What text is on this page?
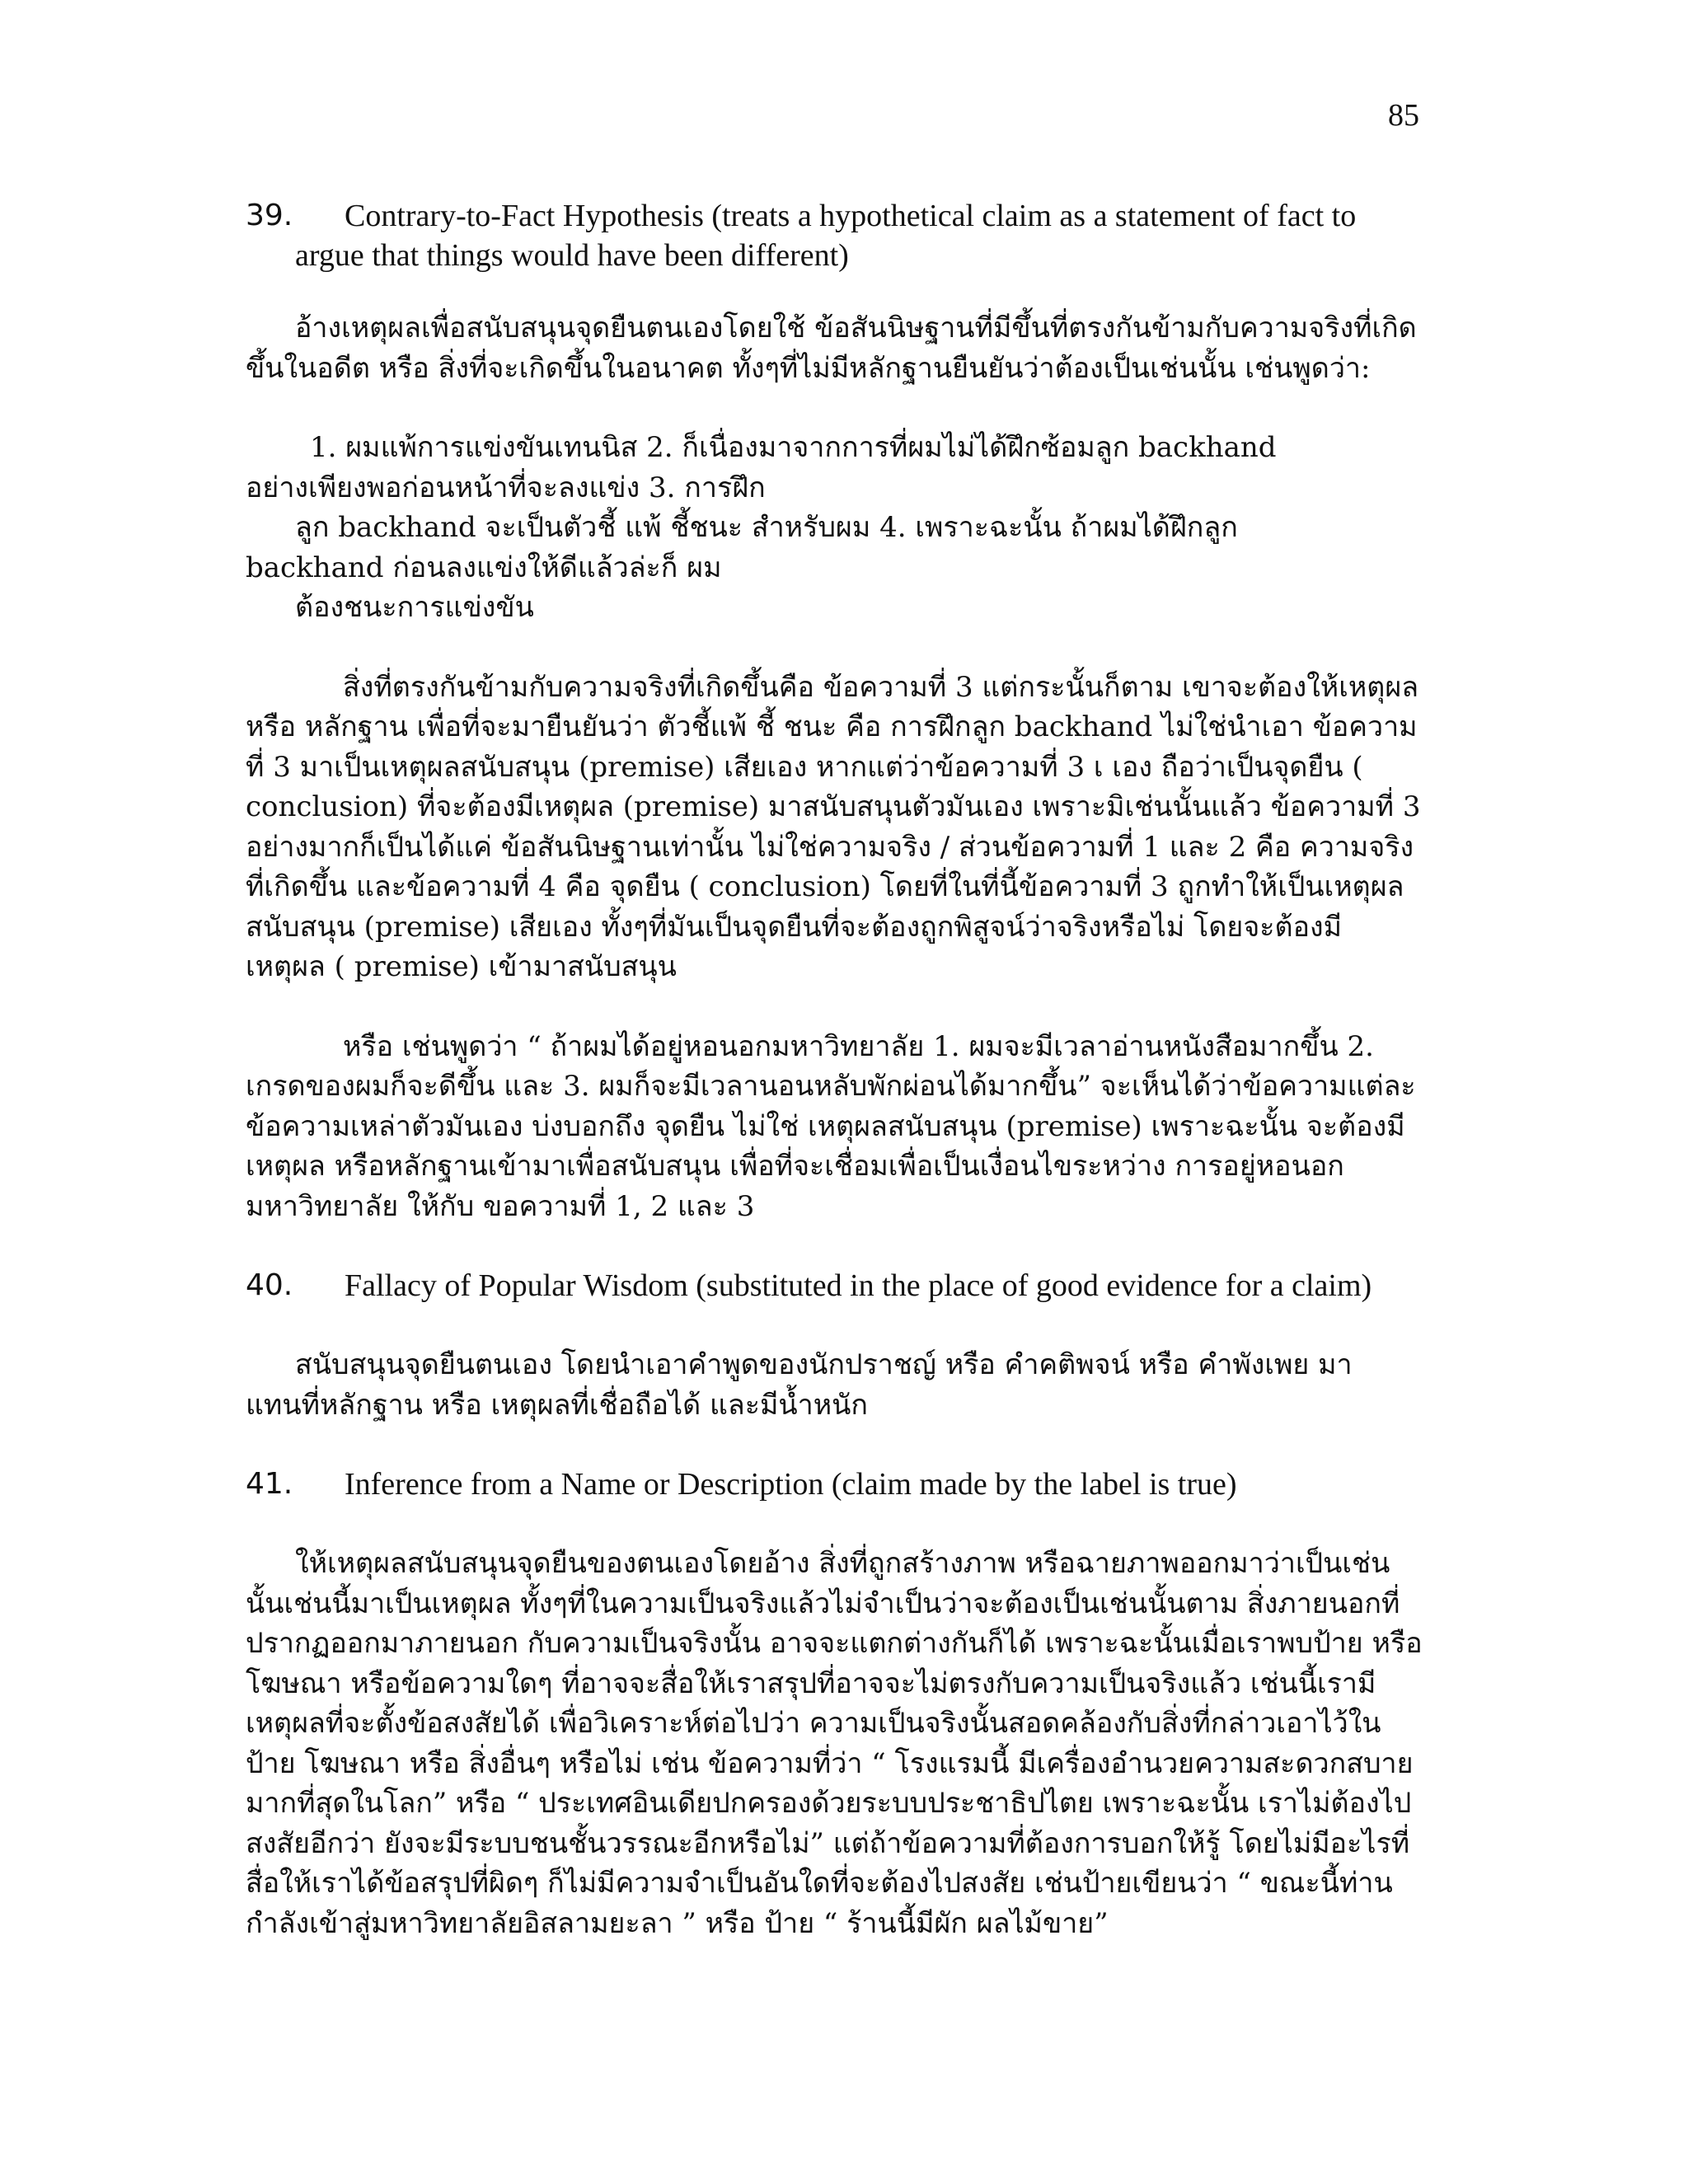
85
39.	Contrary-to-Fact Hypothesis (treats a hypothetical claim as a statement of fact to
argue that things would have been different)

อ้างเหตุผลเพื่อสนับสนุนจุดยืนตนเองโดยใช้ ข้อสันนิษฐานที่มีขึ้นที่ตรงกันข้ามกับความจริงที่เกิดขึ้นในอดีต หรือ สิ่งที่จะเกิดขึ้นในอนาคต ทั้งๆที่ไม่มีหลักฐานยืนยันว่าต้องเป็นเช่นนั้น เช่นพูดว่า:

1. ผมแพ้การแข่งขันเทนนิส 2. ก็เนื่องมาจากการที่ผมไม่ได้ฝึกซ้อมลูก backhand

อย่างเพียงพอก่อนหน้าที่จะลงแข่ง 3. การฝึก

ลูก backhand จะเป็นตัวชี้ แพ้ ชี้ชนะ สำหรับผม 4. เพราะฉะนั้น ถ้าผมได้ฝึกลูก

backhand ก่อนลงแข่งให้ดีแล้วล่ะก็ ผม

ต้องชนะการแข่งขัน

สิ่งที่ตรงกันข้ามกับความจริงที่เกิดขึ้นคือ ข้อความที่ 3 แต่กระนั้นก็ตาม เขาจะต้องให้เหตุผล หรือ หลักฐาน เพื่อที่จะมายืนยันว่า ตัวชี้แพ้ ชี้ ชนะ คือ การฝึกลูก backhand ไม่ใช่นำเอา ข้อความที่ 3 มาเป็นเหตุผลสนับสนุน (premise) เสียเอง หากแต่ว่าข้อความที่ 3 เ เอง ถือว่าเป็นจุดยืน ( conclusion) ที่จะต้องมีเหตุผล (premise) มาสนับสนุนตัวมันเอง เพราะมิเช่นนั้นแล้ว ข้อความที่ 3 อย่างมากก็เป็นได้แค่ ข้อสันนิษฐานเท่านั้น ไม่ใช่ความจริง / ส่วนข้อความที่ 1 และ 2 คือ ความจริงที่เกิดขึ้น และข้อความที่ 4 คือ จุดยืน ( conclusion) โดยที่ในที่นี้ข้อความที่ 3 ถูกทำให้เป็นเหตุผลสนับสนุน (premise) เสียเอง ทั้งๆที่มันเป็นจุดยืนที่จะต้องถูกพิสูจน์ว่าจริงหรือไม่ โดยจะต้องมี เหตุผล ( premise) เข้ามาสนับสนุน

หรือ เช่นพูดว่า “ ถ้าผมได้อยู่หอนอกมหาวิทยาลัย 1. ผมจะมีเวลาอ่านหนังสือมากขึ้น 2. เกรดของผมก็จะดีขึ้น และ 3. ผมก็จะมีเวลานอนหลับพักผ่อนได้มากขึ้น” จะเห็นได้ว่าข้อความแต่ละข้อความเหล่าตัวมันเอง บ่งบอกถึง จุดยืน ไม่ใช่ เหตุผลสนับสนุน (premise) เพราะฉะนั้น จะต้องมีเหตุผล หรือหลักฐานเข้ามาเพื่อสนับสนุน เพื่อที่จะเชื่อมเพื่อเป็นเงื่อนไขระหว่าง การอยู่หอนอกมหาวิทยาลัย ให้กับ ขอความที่ 1, 2 และ 3

40.	Fallacy of Popular Wisdom (substituted in the place of good evidence for a claim)

สนับสนุนจุดยืนตนเอง โดยนำเอาคำพูดของนักปราชญ์ หรือ คำคติพจน์ หรือ คำพังเพย มาแทนที่หลักฐาน หรือ เหตุผลที่เชื่อถือได้ และมีน้ำหนัก

41.	Inference from a Name or Description (claim made by the label is true)

ให้เหตุผลสนับสนุนจุดยืนของตนเองโดยอ้าง สิ่งที่ถูกสร้างภาพ หรือฉายภาพออกมาว่าเป็นเช่นนั้นเช่นนี้มาเป็นเหตุผล ทั้งๆที่ในความเป็นจริงแล้วไม่จำเป็นว่าจะต้องเป็นเช่นนั้นตาม สิ่งภายนอกที่ปรากฏออกมาภายนอก กับความเป็นจริงนั้น อาจจะแตกต่างกันก็ได้ เพราะฉะนั้นเมื่อเราพบป้าย หรือโฆษณา หรือข้อความใดๆ ที่อาจจะสื่อให้เราสรุปที่อาจจะไม่ตรงกับความเป็นจริงแล้ว เช่นนี้เรามีเหตุผลที่จะตั้งข้อสงสัยได้ เพื่อวิเคราะห์ต่อไปว่า ความเป็นจริงนั้นสอดคล้องกับสิ่งที่กล่าวเอาไว้ในป้าย โฆษณา หรือ สิ่งอื่นๆ หรือไม่ เช่น ข้อความที่ว่า “ โรงแรมนี้ มีเครื่องอำนวยความสะดวกสบายมากที่สุดในโลก” หรือ “ ประเทศอินเดียปกครองด้วยระบบประชาธิปไตย เพราะฉะนั้น เราไม่ต้องไปสงสัยอีกว่า ยังจะมีระบบชนชั้นวรรณะอีกหรือไม่” แต่ถ้าข้อความที่ต้องการบอกให้รู้ โดยไม่มีอะไรที่สื่อให้เราได้ข้อสรุปที่ผิดๆ ก็ไม่มีความจำเป็นอันใดที่จะต้องไปสงสัย เช่นป้ายเขียนว่า “ ขณะนี้ท่านกำลังเข้าสู่มหาวิทยาลัยอิสลามยะลา ” หรือ ป้าย “ ร้านนี้มีผัก ผลไม้ขาย”
